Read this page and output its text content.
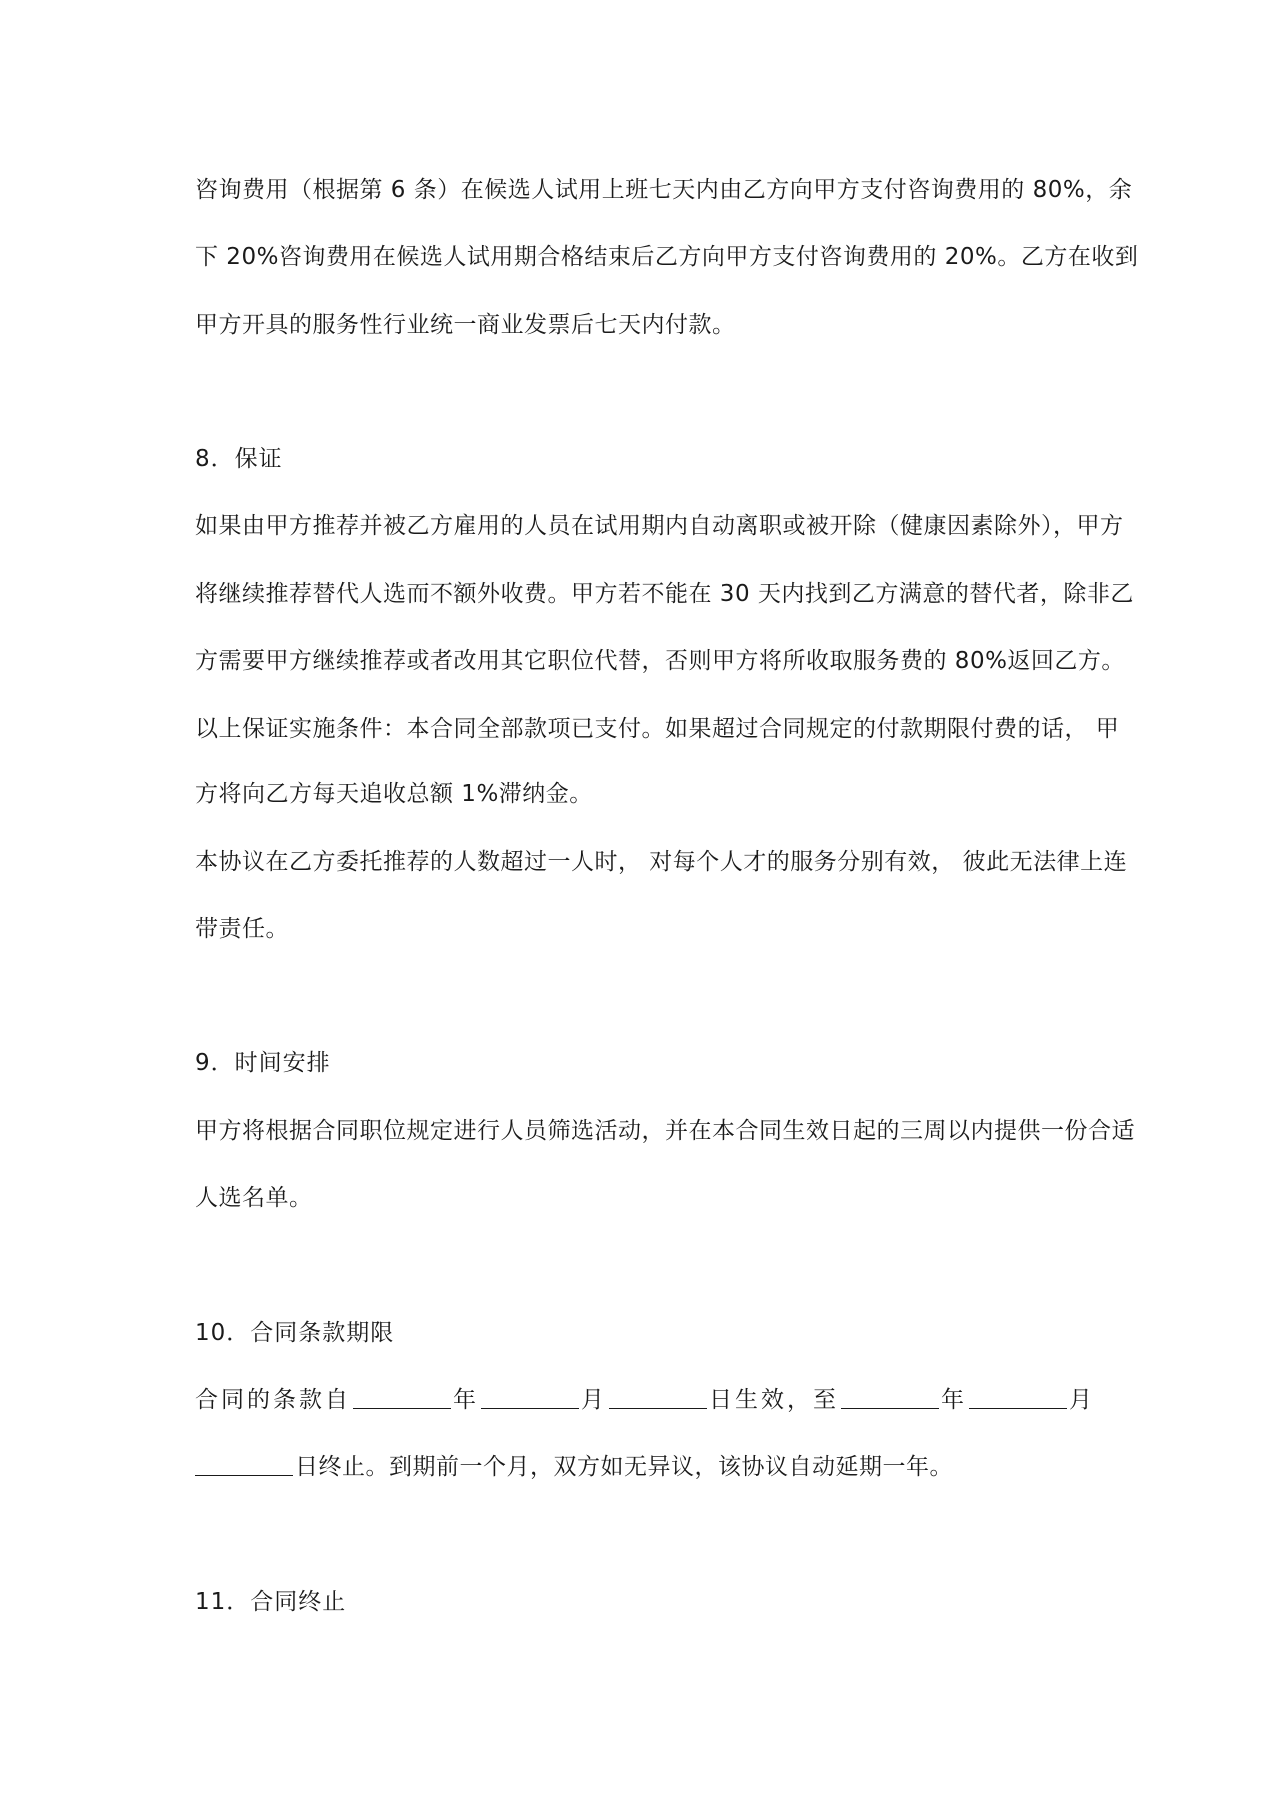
咨询费用（根据第 6 条）在候选人试用上班七天内由乙方向甲方支付咨询费用的 80%，余
下 20%咨询费用在候选人试用期合格结束后乙方向甲方支付咨询费用的 20%。乙方在收到
甲方开具的服务性行业统一商业发票后七天内付款。
8．保证
如果由甲方推荐并被乙方雇用的人员在试用期内自动离职或被开除（健康因素除外），甲方
将继续推荐替代人选而不额外收费。甲方若不能在 30 天内找到乙方满意的替代者，除非乙
方需要甲方继续推荐或者改用其它职位代替，否则甲方将所收取服务费的 80%返回乙方。
以上保证实施条件：本合同全部款项已支付。如果超过合同规定的付款期限付费的话， 甲
方将向乙方每天追收总额 1%滞纳金。
本协议在乙方委托推荐的人数超过一人时， 对每个人才的服务分别有效， 彼此无法律上连
带责任。
9．时间安排
甲方将根据合同职位规定进行人员筛选活动，并在本合同生效日起的三周以内提供一份合适
人选名单。
10．合同条款期限
合同的条款自	年	月	日生效，至	年	月
日终止。到期前一个月，双方如无异议，该协议自动延期一年。
11．合同终止
